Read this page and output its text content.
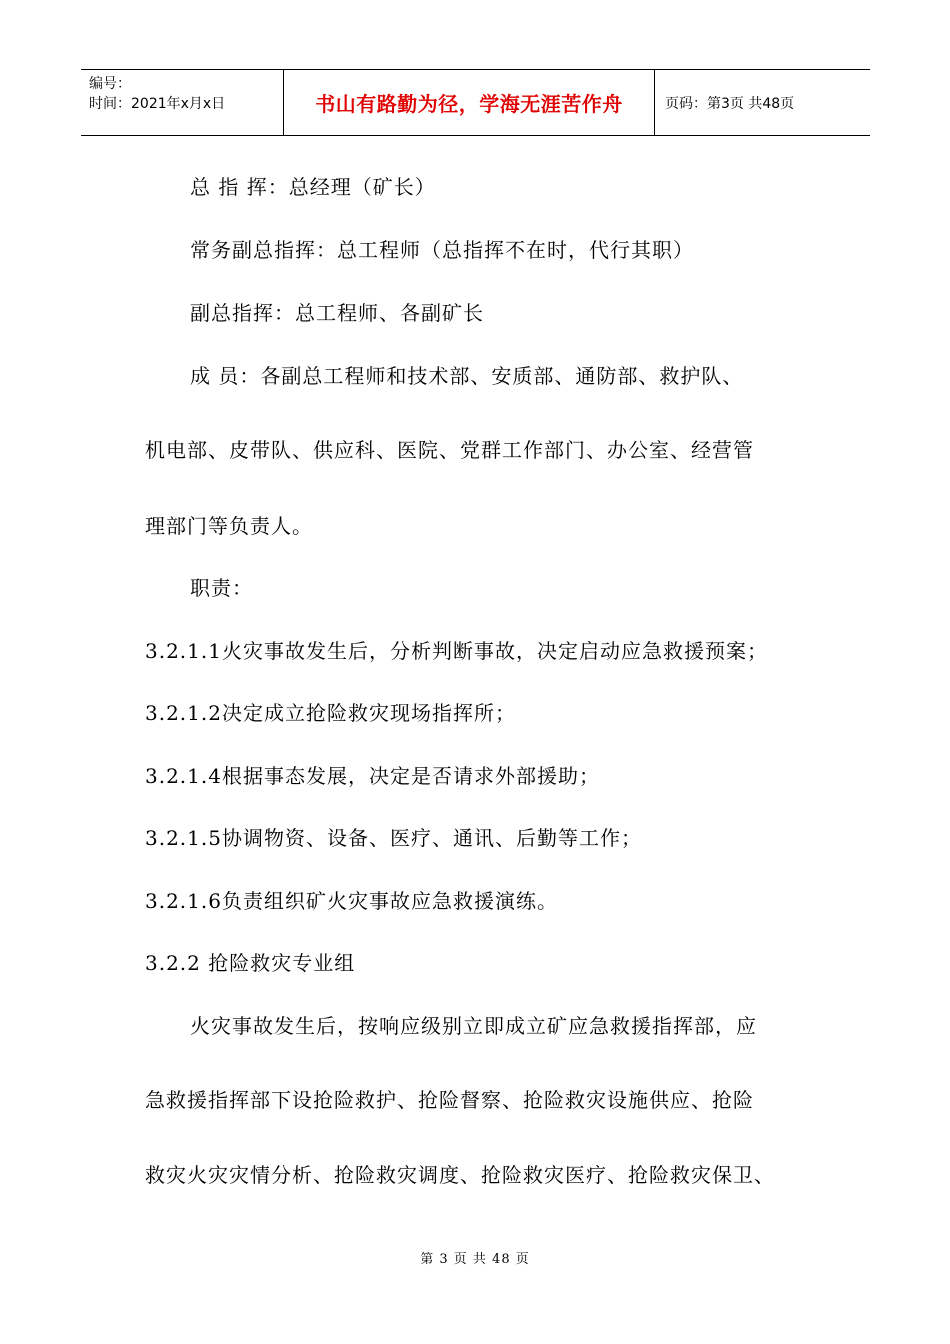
编号：
时间：2021年x月x日	书山有路勤为径，学海无涯苦作舟	页码：第3页 共48页
总 指 挥：总经理（矿长）
常务副总指挥：总工程师（总指挥不在时，代行其职）
副总指挥：总工程师、各副矿长
成 员：各副总工程师和技术部、安质部、通防部、救护队、
机电部、皮带队、供应科、医院、党群工作部门、办公室、经营管
理部门等负责人。
职责：
3.2.1.1火灾事故发生后，分析判断事故，决定启动应急救援预案；
3.2.1.2决定成立抢险救灾现场指挥所；
3.2.1.4根据事态发展，决定是否请求外部援助；
3.2.1.5协调物资、设备、医疗、通讯、后勤等工作；
3.2.1.6负责组织矿火灾事故应急救援演练。
3.2.2 抢险救灾专业组
火灾事故发生后，按响应级别立即成立矿应急救援指挥部，应
急救援指挥部下设抢险救护、抢险督察、抢险救灾设施供应、抢险
救灾火灾灾情分析、抢险救灾调度、抢险救灾医疗、抢险救灾保卫、
第 3 页 共 48 页
